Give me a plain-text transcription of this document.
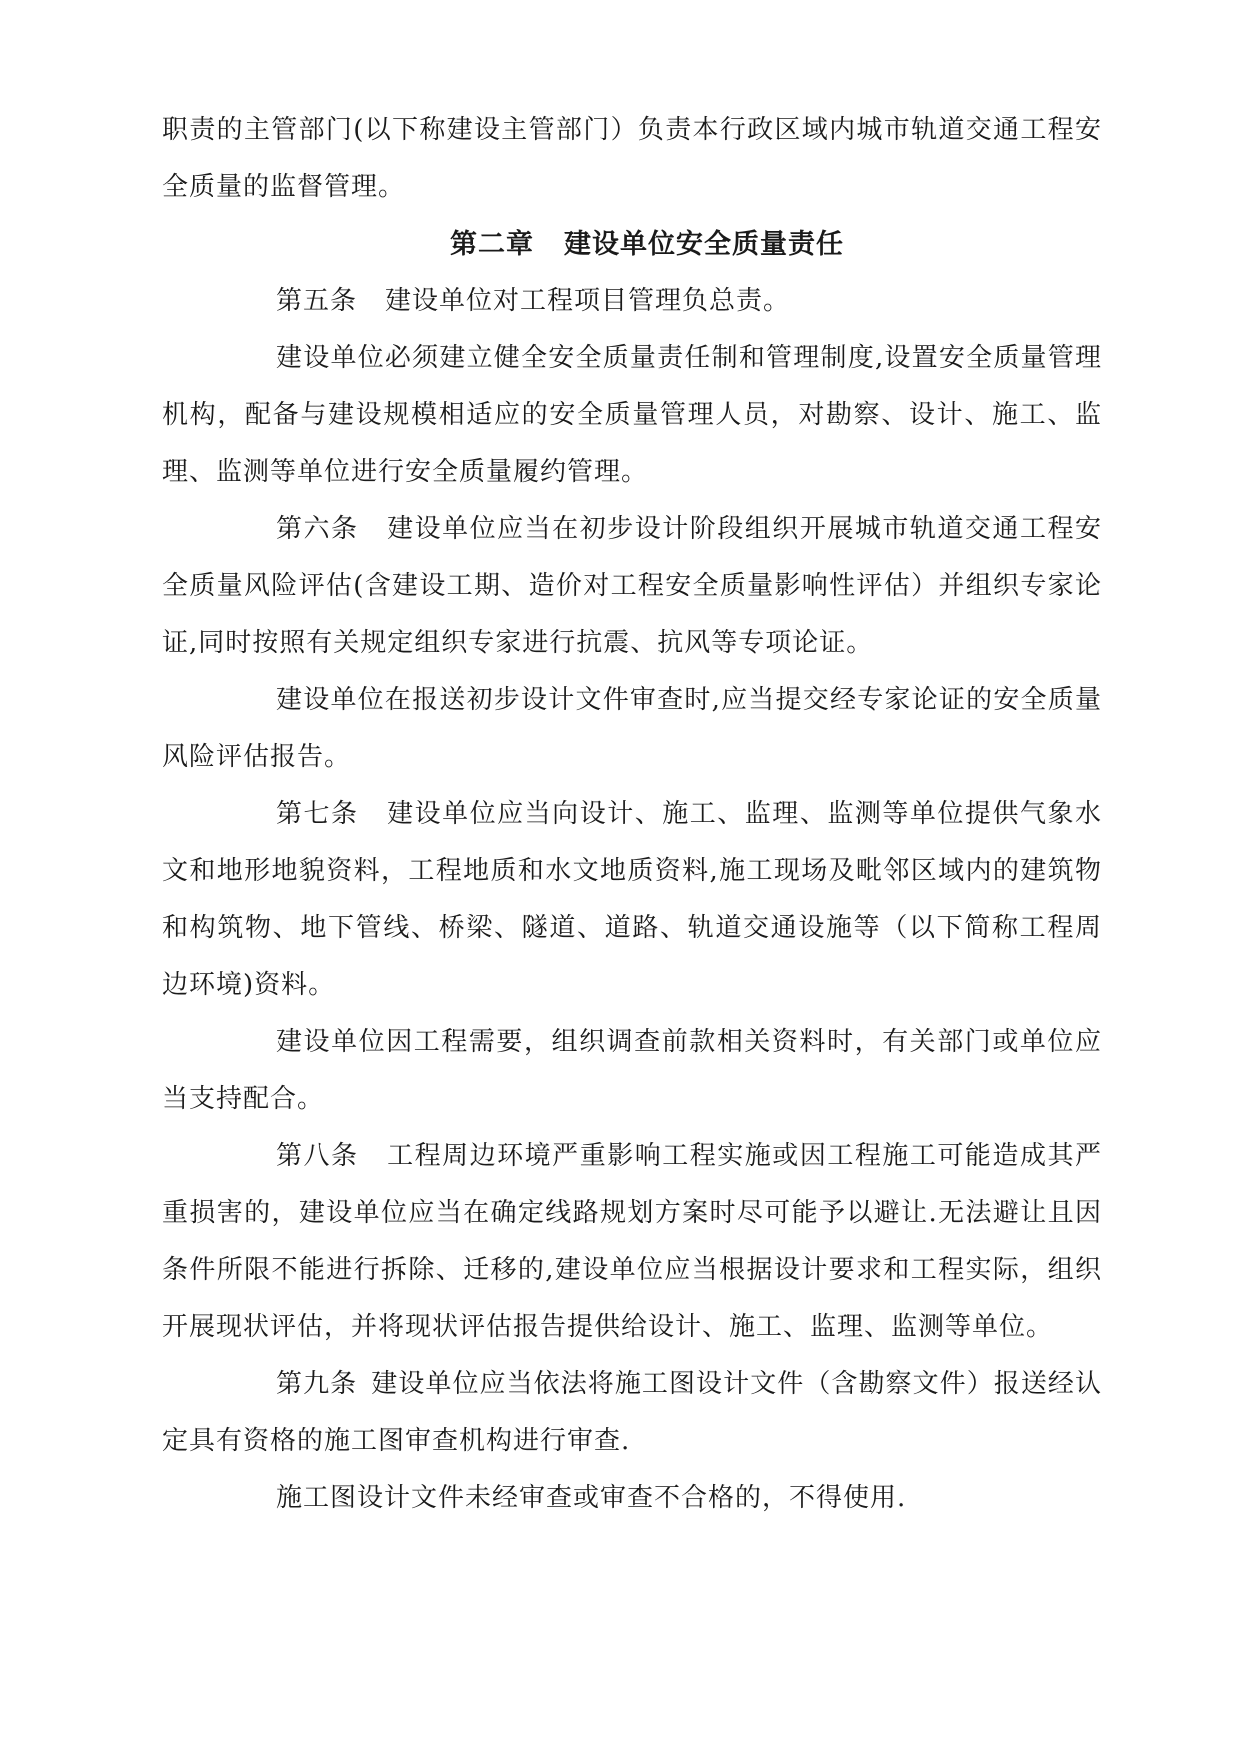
职责的主管部门(以下称建设主管部门）负责本行政区域内城市轨道交通工程安全质量的监督管理。

第二章 建设单位安全质量责任

第五条 建设单位对工程项目管理负总责。

建设单位必须建立健全安全质量责任制和管理制度,设置安全质量管理机构，配备与建设规模相适应的安全质量管理人员，对勘察、设计、施工、监理、监测等单位进行安全质量履约管理。

第六条 建设单位应当在初步设计阶段组织开展城市轨道交通工程安全质量风险评估(含建设工期、造价对工程安全质量影响性评估）并组织专家论证,同时按照有关规定组织专家进行抗震、抗风等专项论证。

建设单位在报送初步设计文件审查时,应当提交经专家论证的安全质量风险评估报告。

第七条 建设单位应当向设计、施工、监理、监测等单位提供气象水文和地形地貌资料，工程地质和水文地质资料,施工现场及毗邻区域内的建筑物和构筑物、地下管线、桥梁、隧道、道路、轨道交通设施等（以下简称工程周边环境)资料。

建设单位因工程需要，组织调查前款相关资料时，有关部门或单位应当支持配合。

第八条 工程周边环境严重影响工程实施或因工程施工可能造成其严重损害的，建设单位应当在确定线路规划方案时尽可能予以避让.无法避让且因条件所限不能进行拆除、迁移的,建设单位应当根据设计要求和工程实际，组织开展现状评估，并将现状评估报告提供给设计、施工、监理、监测等单位。

第九条 建设单位应当依法将施工图设计文件（含勘察文件）报送经认定具有资格的施工图审查机构进行审查.

施工图设计文件未经审查或审查不合格的，不得使用.
